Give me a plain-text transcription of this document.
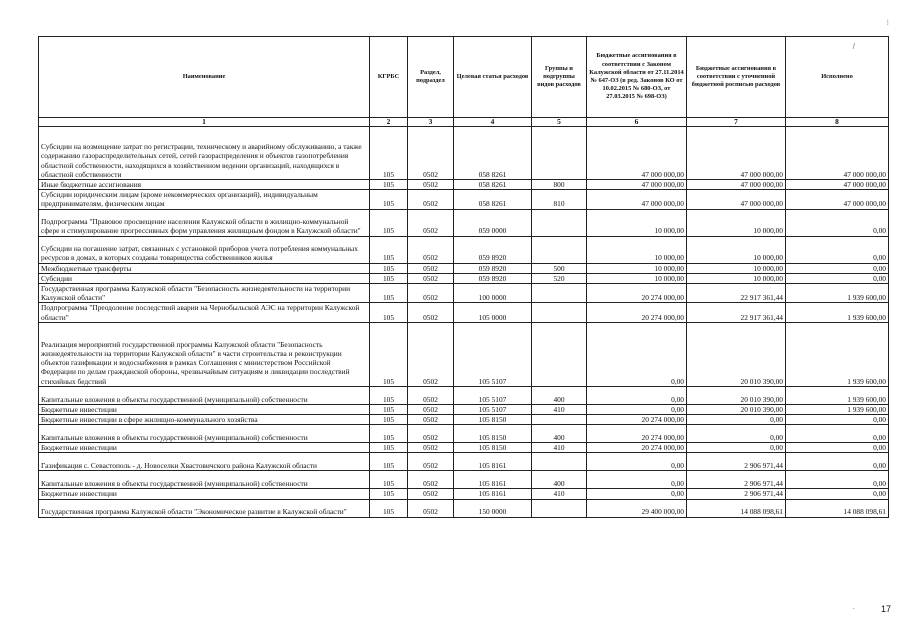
Наименование	КГРБС	Раздел, подраздел	Целевая статья расходов	Группы и подгруппы видов расходов	Бюджетные ассигнования в соответствии с Законом Калужской области от 27.11.2014 № 647-ОЗ (в ред. Законов КО от 10.02.2015 № 680-ОЗ, от 27.03.2015 № 698-ОЗ)	Бюджетные ассигнования в соответствии с уточненной бюджетной росписью расходов	Исполнено
1	2	3	4	5	6	7	8
Субсидии на возмещение затрат по регистрации, техническому и аварийному обслуживанию, а также содержанию газораспределительных сетей, сетей газораспределения и объектов газопотребления областной собственности, находящихся в хозяйственном ведении организаций, находящихся в областной собственности	105	0502	058 8261		47 000 000,00	47 000 000,00	47 000 000,00
Иные бюджетные ассигнования	105	0502	058 8261	800	47 000 000,00	47 000 000,00	47 000 000,00
Субсидии юридическим лицам (кроме некоммерческих организаций), индивидуальным предпринимателям, физическим лицам	105	0502	058 8261	810	47 000 000,00	47 000 000,00	47 000 000,00
Подпрограмма "Правовое просвещение населения Калужской области в жилищно-коммунальной сфере и стимулирование прогрессивных форм управления жилищным фондом в Калужской области"	105	0502	059 0000		10 000,00	10 000,00	0,00
Субсидии на погашение затрат, связанных с установкой приборов учета потребления коммунальных ресурсов в домах, в которых созданы товарищества собственников жилья	105	0502	059 8920		10 000,00	10 000,00	0,00
Межбюджетные трансферты	105	0502	059 8920	500	10 000,00	10 000,00	0,00
Субсидии	105	0502	059 8920	520	10 000,00	10 000,00	0,00
Государственная программа Калужской области "Безопасность жизнедеятельности на территории Калужской области"	105	0502	100 0000		20 274 000,00	22 917 361,44	1 939 600,00
Подпрограмма "Преодоление последствий аварии на Чернобыльской АЭС на территории Калужской области"	105	0502	105 0000		20 274 000,00	22 917 361,44	1 939 600,00
Реализация мероприятий государственной программы Калужской области "Безопасность жизнедеятельности на территории Калужской области" в части строительства и реконструкции объектов газификации и водоснабжения в рамках Соглашения с министерством Российской Федерации по делам гражданской обороны, чрезвычайным ситуациям и ликвидации последствий стихийных бедствий	105	0502	105 5107		0,00	20 010 390,00	1 939 600,00
Капитальные вложения в объекты государственной (муниципальной) собственности	105	0502	105 5107	400	0,00	20 010 390,00	1 939 600,00
Бюджетные инвестиции	105	0502	105 5107	410	0,00	20 010 390,00	1 939 600,00
Бюджетные инвестиции в сфере жилищно-коммунального хозяйства	105	0502	105 8150		20 274 000,00	0,00	0,00
Капитальные вложения в объекты государственной (муниципальной) собственности	105	0502	105 8150	400	20 274 000,00	0,00	0,00
Бюджетные инвестиции	105	0502	105 8150	410	20 274 000,00	0,00	0,00
Газификация с. Севастополь - д. Новоселки Хвастовичского района Калужской области	105	0502	105 8161		0,00	2 906 971,44	0,00
Капитальные вложения в объекты государственной (муниципальной) собственности	105	0502	105 8161	400	0,00	2 906 971,44	0,00
Бюджетные инвестиции	105	0502	105 8161	410	0,00	2 906 971,44	0,00
Государственная программа Калужской области "Экономическое развитие в Калужской области"	105	0502	150 0000		29 400 000,00	14 088 098,61	14 088 098,61
/
⁝
·	17
